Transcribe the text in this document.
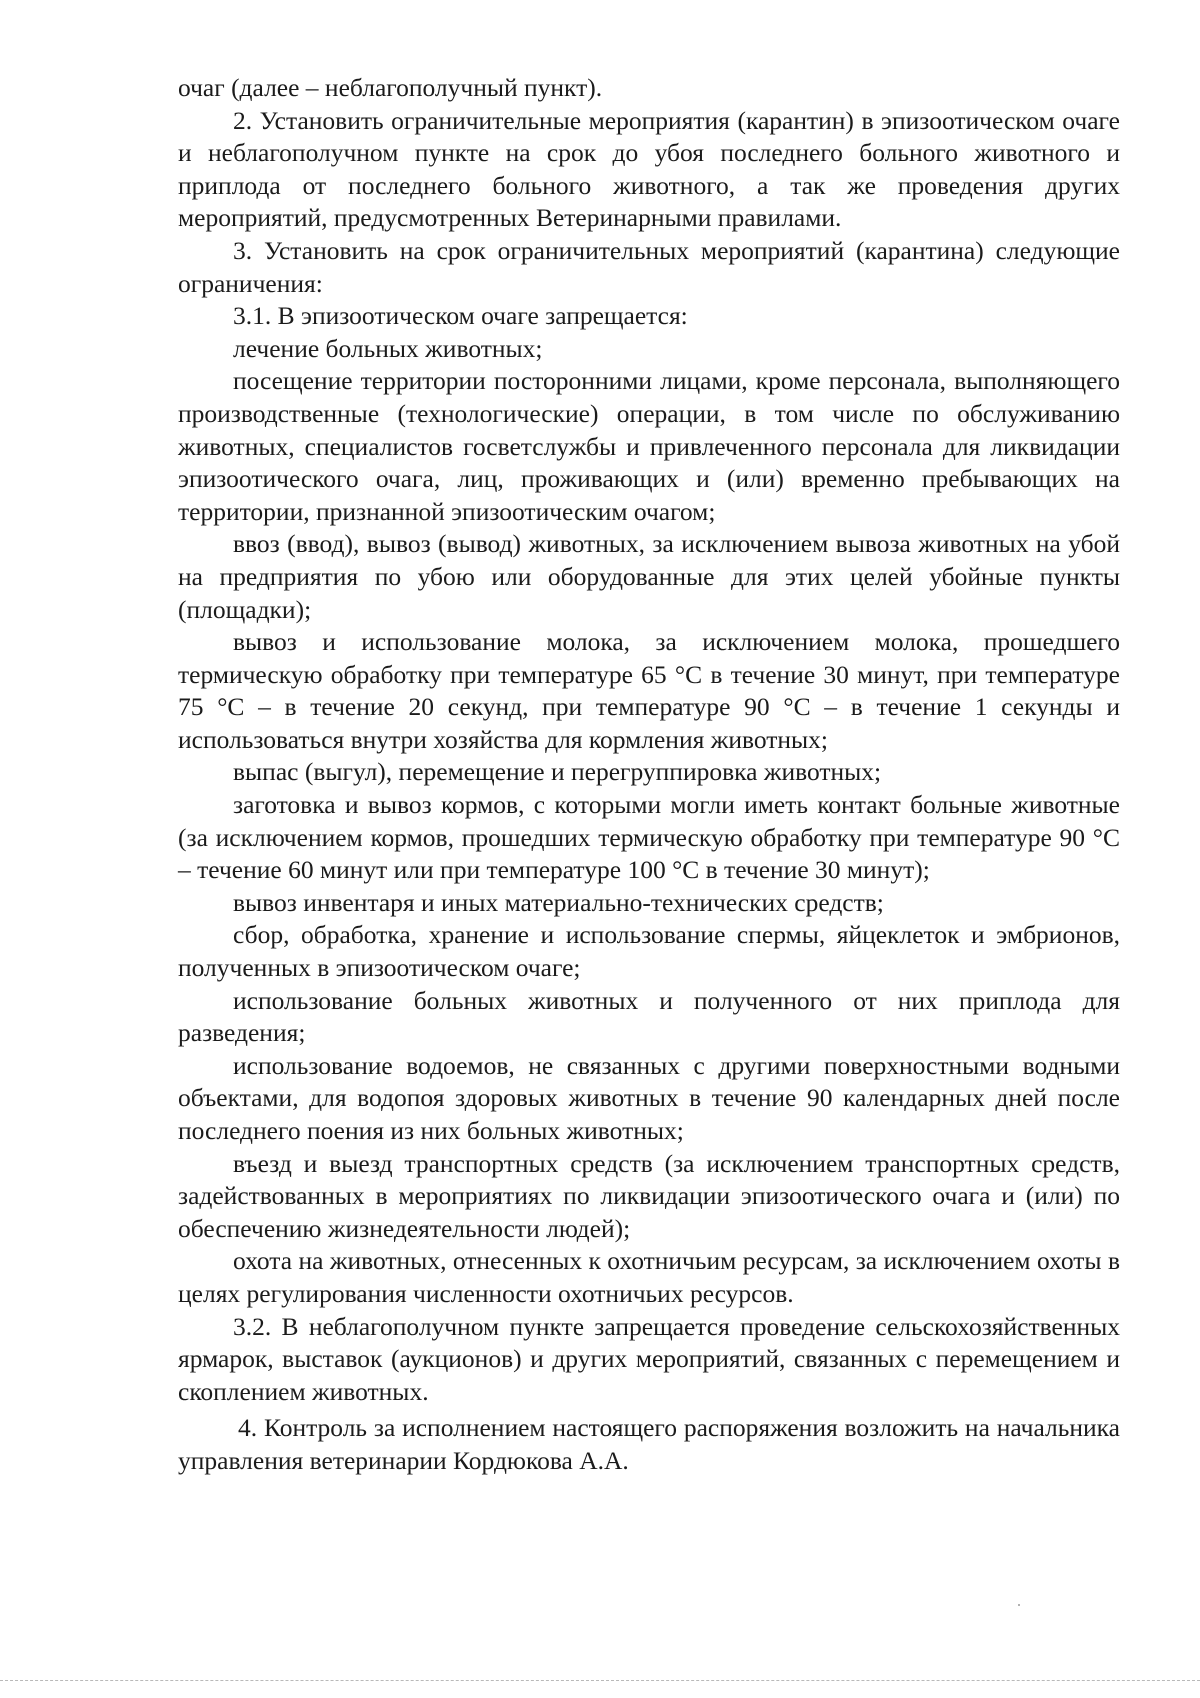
очаг (далее – неблагополучный пункт).

2. Установить ограничительные мероприятия (карантин) в эпизоотическом очаге и неблагополучном пункте на срок до убоя последнего больного животного и приплода от последнего больного животного, а так же проведения других мероприятий, предусмотренных Ветеринарными правилами.

3. Установить на срок ограничительных мероприятий (карантина) следующие ограничения:

3.1. В эпизоотическом очаге запрещается:

лечение больных животных;

посещение территории посторонними лицами, кроме персонала, выполняющего производственные (технологические) операции, в том числе по обслуживанию животных, специалистов госветслужбы и привлеченного персонала для ликвидации эпизоотического очага, лиц, проживающих и (или) временно пребывающих на территории, признанной эпизоотическим очагом;

ввоз (ввод), вывоз (вывод) животных, за исключением вывоза животных на убой на предприятия по убою или оборудованные для этих целей убойные пункты (площадки);

вывоз и использование молока, за исключением молока, прошедшего термическую обработку при температуре 65 °С в течение 30 минут, при температуре 75 °С – в течение 20 секунд, при температуре 90 °С – в течение 1 секунды и использоваться внутри хозяйства для кормления животных;

выпас (выгул), перемещение и перегруппировка животных;

заготовка и вывоз кормов, с которыми могли иметь контакт больные животные (за исключением кормов, прошедших термическую обработку при температуре 90 °С – течение 60 минут или при температуре 100 °С в течение 30 минут);

вывоз инвентаря и иных материально-технических средств;

сбор, обработка, хранение и использование спермы, яйцеклеток и эмбрионов, полученных в эпизоотическом очаге;

использование больных животных и полученного от них приплода для разведения;

использование водоемов, не связанных с другими поверхностными водными объектами, для водопоя здоровых животных в течение 90 календарных дней после последнего поения из них больных животных;

въезд и выезд транспортных средств (за исключением транспортных средств, задействованных в мероприятиях по ликвидации эпизоотического очага и (или) по обеспечению жизнедеятельности людей);

охота на животных, отнесенных к охотничьим ресурсам, за исключением охоты в целях регулирования численности охотничьих ресурсов.

3.2. В неблагополучном пункте запрещается проведение сельскохозяйственных ярмарок, выставок (аукционов) и других мероприятий, связанных с перемещением и скоплением животных.

4. Контроль за исполнением настоящего распоряжения возложить на начальника управления ветеринарии Кордюкова А.А.
